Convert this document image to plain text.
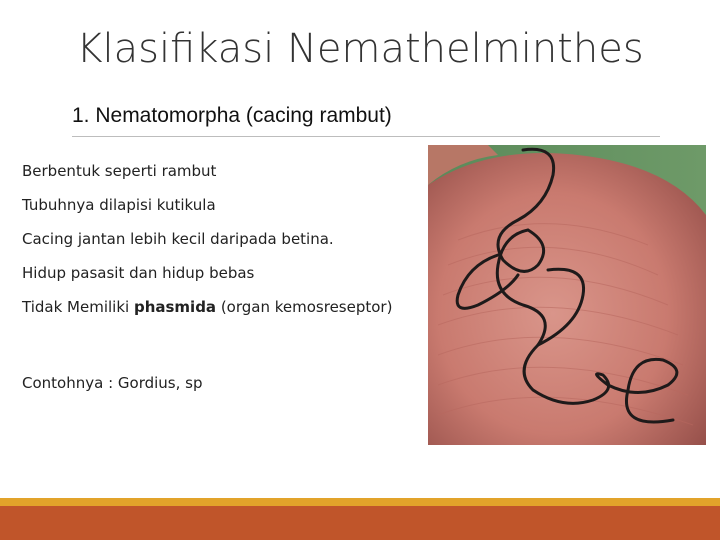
Klasifikasi Nemathelminthes
1. Nematomorpha (cacing rambut)
Berbentuk seperti rambut
Tubuhnya dilapisi kutikula
Cacing jantan lebih kecil daripada betina.
Hidup pasasit dan hidup bebas
Tidak Memiliki phasmida (organ kemosreseptor)
Contohnya : Gordius, sp
